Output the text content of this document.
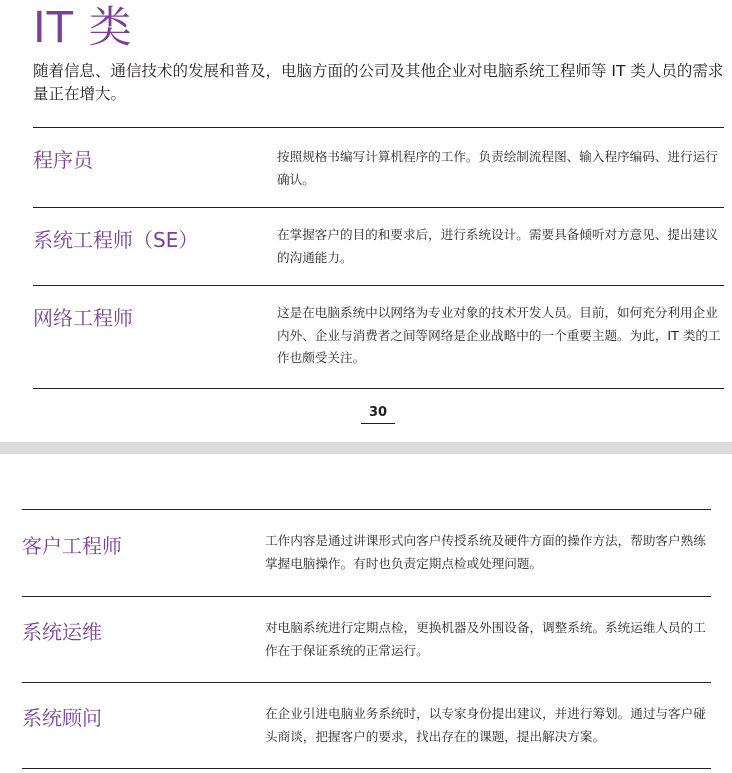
IT 类

随着信息、通信技术的发展和普及，电脑方面的公司及其他企业对电脑系统工程师等 IT 类人员的需求量正在增大。

程序员	按照规格书编写计算机程序的工作。负责绘制流程图、输入程序编码、进行运行确认。
系统工程师（SE）	在掌握客户的目的和要求后，进行系统设计。需要具备倾听对方意见、提出建议的沟通能力。
网络工程师	这是在电脑系统中以网络为专业对象的技术开发人员。目前，如何充分利用企业内外、企业与消费者之间等网络是企业战略中的一个重要主题。为此，IT 类的工作也颇受关注。
30
客户工程师	工作内容是通过讲课形式向客户传授系统及硬件方面的操作方法，帮助客户熟练掌握电脑操作。有时也负责定期点检或处理问题。
系统运维	对电脑系统进行定期点检，更换机器及外围设备，调整系统。系统运维人员的工作在于保证系统的正常运行。
系统顾问	在企业引进电脑业务系统时，以专家身份提出建议，并进行筹划。通过与客户碰头商谈，把握客户的要求，找出存在的课题，提出解决方案。
